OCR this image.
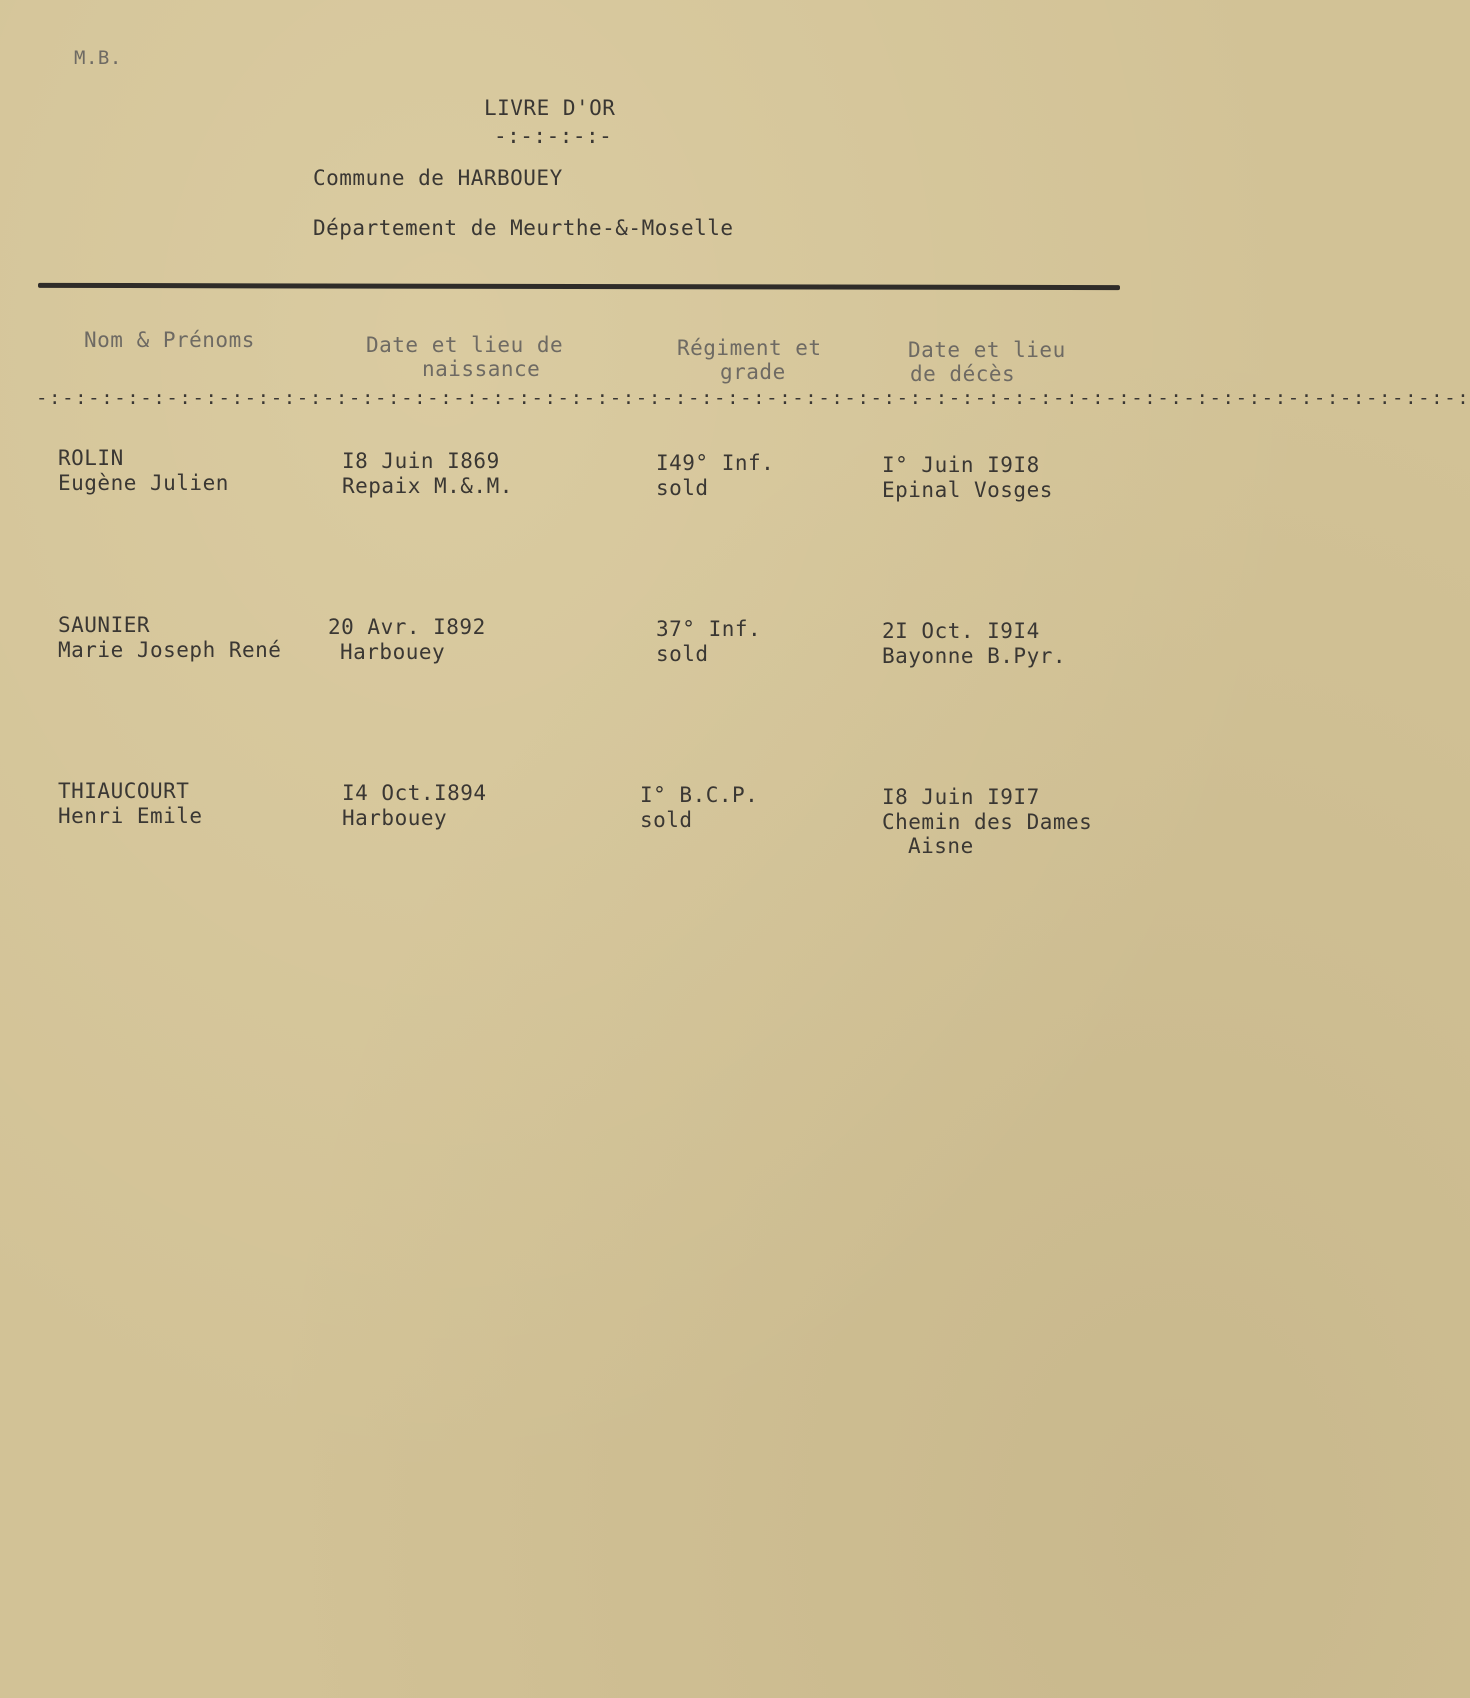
M.B.
LIVRE D'OR
-:-:-:-:-
Commune de HARBOUEY
Département de Meurthe-&-Moselle
Nom & Prénoms	Date et lieu de
naissance
Régiment et
grade
Date et lieu
de décès
-:-:-:-:-:-:-:-:-:-:-:-:-:-:-:-:-:-:-:-:-:-:-:-:-:-:-:-:-:-:-:-:-:-:-:-:-:-:-:-:-:-:-:-:-:-:-:-:-:-:-:-:-:-:-:
ROLIN
Eugène Julien
I8 Juin I869
Repaix M.&.M.
I49° Inf.
sold
I° Juin I9I8
Epinal Vosges
SAUNIER
Marie Joseph René
20 Avr. I892
Harbouey
37° Inf.
sold
2I Oct. I9I4
Bayonne B.Pyr.
THIAUCOURT
Henri Emile
I4 Oct.I894
Harbouey
I° B.C.P.
sold
I8 Juin I9I7
Chemin des Dames
Aisne
